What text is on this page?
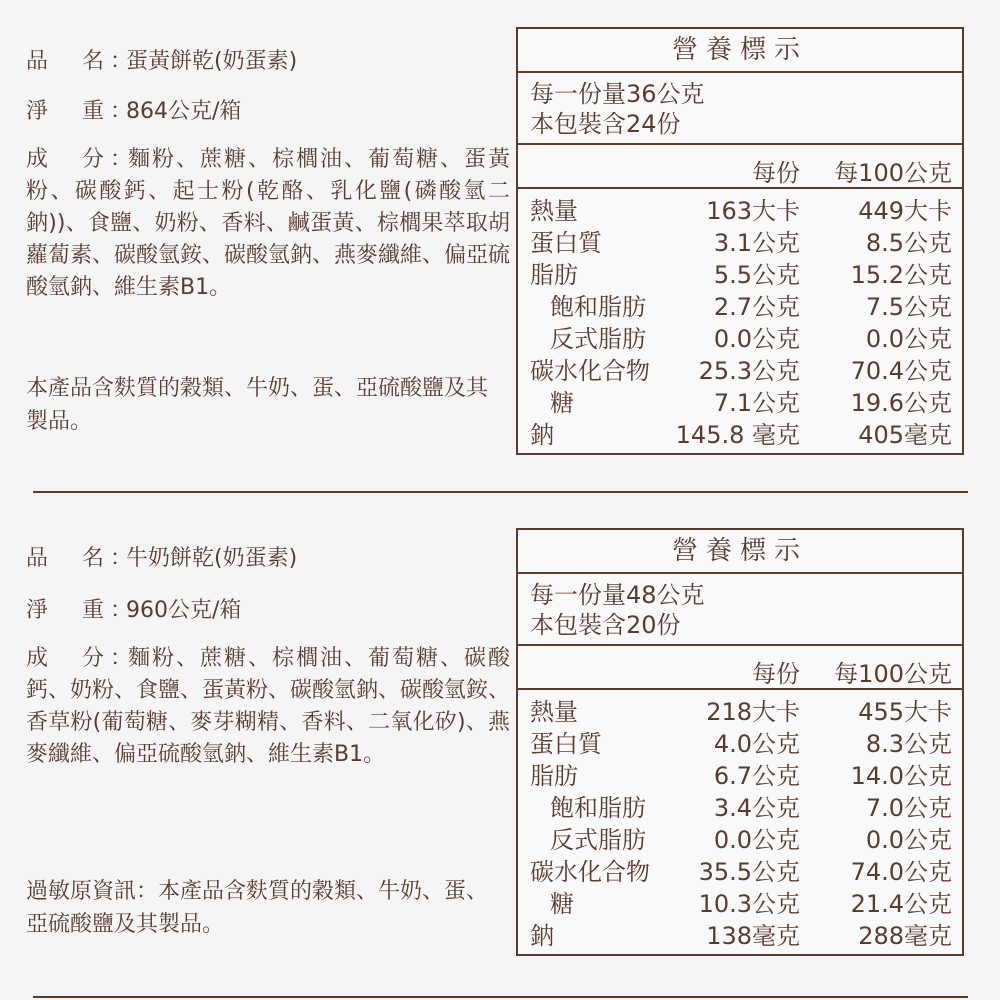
品 名 ：蛋黃餅乾(奶蛋素)
淨 重 ：864公克/箱
成 分 ：麵粉、蔗糖、棕櫚油、葡萄糖、蛋黃粉、碳酸鈣、起士粉(乾酪、乳化鹽(磷酸氫二鈉))、食鹽、奶粉、香料、鹹蛋黃、棕櫚果萃取胡蘿蔔素、碳酸氫銨、碳酸氫鈉、燕麥纖維、偏亞硫酸氫鈉、維生素B1。
本產品含麩質的穀類、牛奶、蛋、亞硫酸鹽及其製品。
營養標示
每一份量36公克
本包裝含24份
每份 每100公克
熱量	163大卡 449大卡
蛋白質	3.1公克	8.5公克
脂肪	5.5公克 15.2公克
飽和脂肪	2.7公克	7.5公克
反式脂肪	0.0公克	0.0公克
碳水化合物 25.3公克 70.4公克
糖	7.1公克 19.6公克
鈉	145.8 毫克 405毫克
品 名 ：牛奶餅乾(奶蛋素)
淨 重 ：960公克/箱
成 分 ：麵粉、蔗糖、棕櫚油、葡萄糖、碳酸鈣、奶粉、食鹽、蛋黃粉、碳酸氫鈉、碳酸氫銨、香草粉(葡萄糖、麥芽糊精、香料、二氧化矽)、燕麥纖維、偏亞硫酸氫鈉、維生素B1。
過敏原資訊：本產品含麩質的穀類、牛奶、蛋、亞硫酸鹽及其製品。
營養標示
每一份量48公克
本包裝含20份
每份 每100公克
熱量	218大卡 455大卡
蛋白質	4.0公克	8.3公克
脂肪	6.7公克 14.0公克
飽和脂肪	3.4公克	7.0公克
反式脂肪	0.0公克	0.0公克
碳水化合物 35.5公克 74.0公克
糖	10.3公克 21.4公克
鈉	138毫克 288毫克
